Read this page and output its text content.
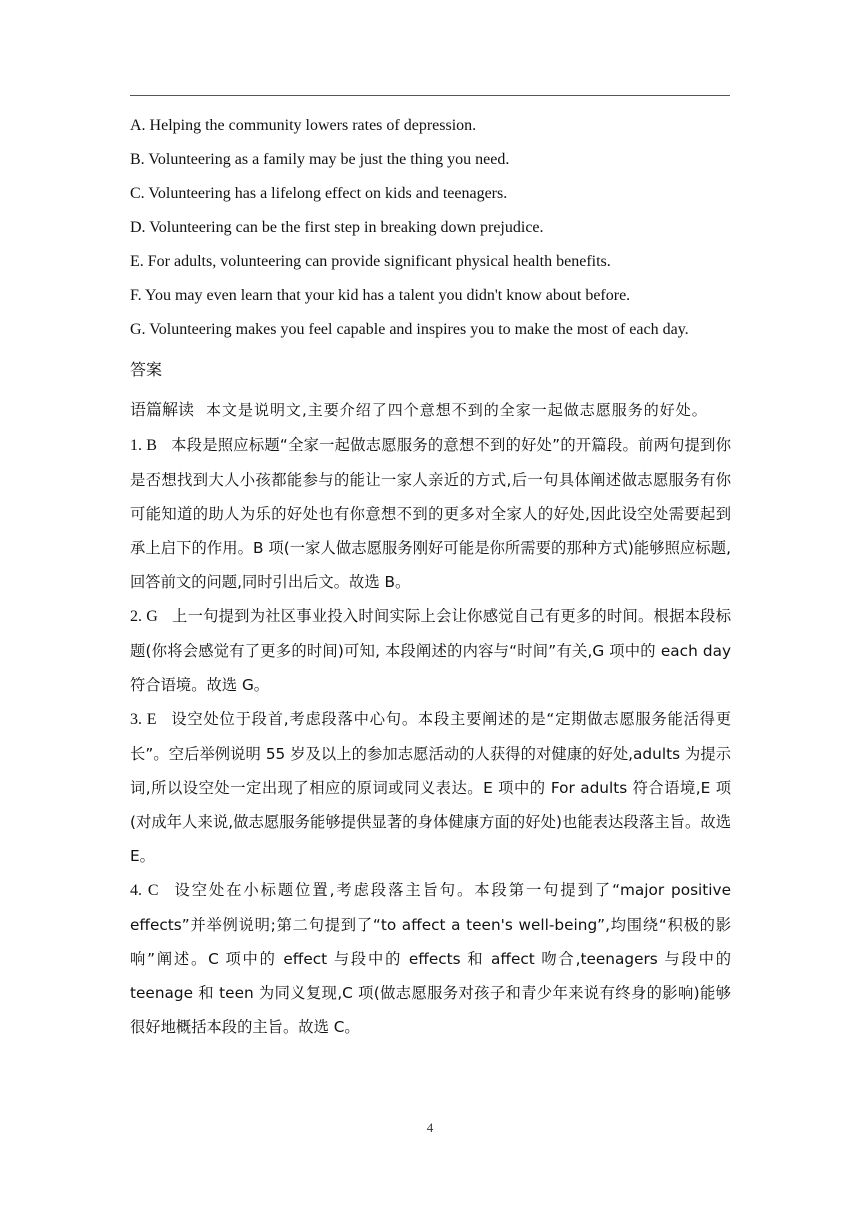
A. Helping the community lowers rates of depression.

B. Volunteering as a family may be just the thing you need.

C. Volunteering has a lifelong effect on kids and teenagers.

D. Volunteering can be the first step in breaking down prejudice.

E. For adults, volunteering can provide significant physical health benefits.

F. You may even learn that your kid has a talent you didn't know about before.

G. Volunteering makes you feel capable and inspires you to make the most of each day.

答案

语篇解读 本文是说明文,主要介绍了四个意想不到的全家一起做志愿服务的好处。

1. B 本段是照应标题“全家一起做志愿服务的意想不到的好处”的开篇段。前两句提到你是否想找到大人小孩都能参与的能让一家人亲近的方式,后一句具体阐述做志愿服务有你可能知道的助人为乐的好处也有你意想不到的更多对全家人的好处,因此设空处需要起到承上启下的作用。B 项(一家人做志愿服务刚好可能是你所需要的那种方式)能够照应标题,回答前文的问题,同时引出后文。故选 B。

2. G 上一句提到为社区事业投入时间实际上会让你感觉自己有更多的时间。根据本段标题(你将会感觉有了更多的时间)可知, 本段阐述的内容与“时间”有关,G 项中的 each day 符合语境。故选 G。

3. E 设空处位于段首,考虑段落中心句。本段主要阐述的是“定期做志愿服务能活得更长”。空后举例说明 55 岁及以上的参加志愿活动的人获得的对健康的好处,adults 为提示词,所以设空处一定出现了相应的原词或同义表达。E 项中的 For adults 符合语境,E 项(对成年人来说,做志愿服务能够提供显著的身体健康方面的好处)也能表达段落主旨。故选 E。

4. C 设空处在小标题位置,考虑段落主旨句。本段第一句提到了“major positive effects”并举例说明;第二句提到了“to affect a teen's well-being”,均围绕“积极的影响”阐述。C 项中的 effect 与段中的 effects 和 affect 吻合,teenagers 与段中的 teenage 和 teen 为同义复现,C 项(做志愿服务对孩子和青少年来说有终身的影响)能够很好地概括本段的主旨。故选 C。

4
